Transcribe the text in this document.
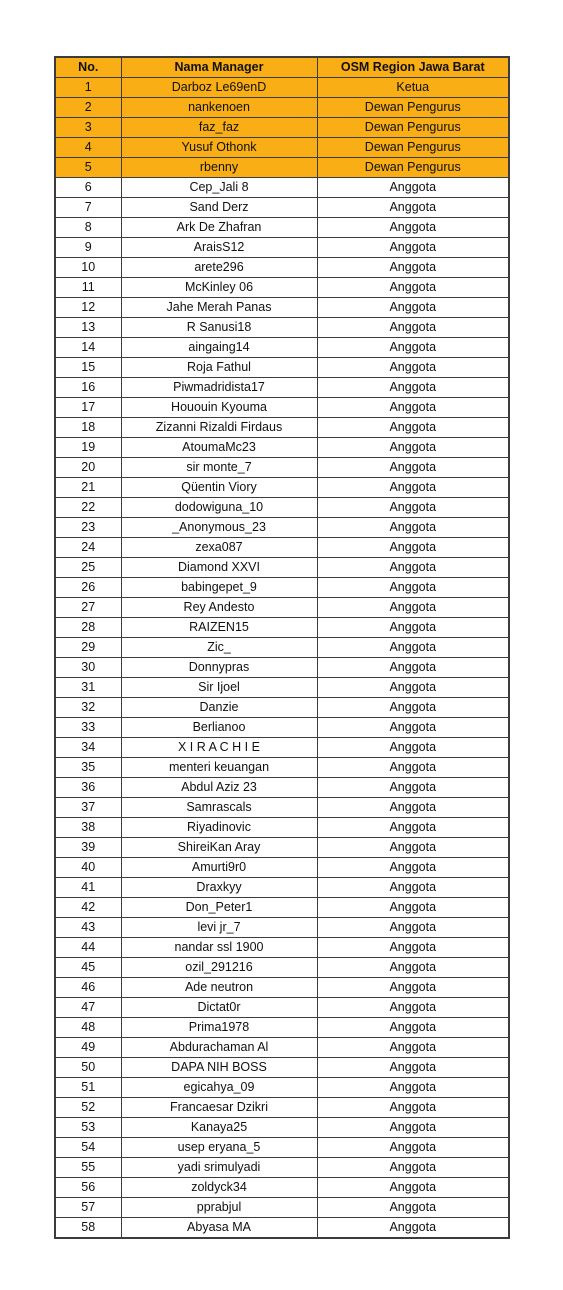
No.	Nama Manager	OSM Region Jawa Barat
1	Darboz Le69enD	Ketua
2	nankenoen	Dewan Pengurus
3	faz_faz	Dewan Pengurus
4	Yusuf Othonk	Dewan Pengurus
5	rbenny	Dewan Pengurus
6	Cep_Jali 8	Anggota
7	Sand Derz	Anggota
8	Ark De Zhafran	Anggota
9	AraisS12	Anggota
10	arete296	Anggota
11	McKinley 06	Anggota
12	Jahe Merah Panas	Anggota
13	R Sanusi18	Anggota
14	aingaing14	Anggota
15	Roja Fathul	Anggota
16	Piwmadridista17	Anggota
17	Hououin Kyouma	Anggota
18	Zizanni Rizaldi Firdaus	Anggota
19	AtoumaMc23	Anggota
20	sir monte_7	Anggota
21	Qüentin Viory	Anggota
22	dodowiguna_10	Anggota
23	_Anonymous_23	Anggota
24	zexa087	Anggota
25	Diamond XXVI	Anggota
26	babingepet_9	Anggota
27	Rey Andesto	Anggota
28	RAIZEN15	Anggota
29	Zic_	Anggota
30	Donnypras	Anggota
31	Sir Ijoel	Anggota
32	Danzie	Anggota
33	Berlianoo	Anggota
34	X I R A C H I E	Anggota
35	menteri keuangan	Anggota
36	Abdul Aziz 23	Anggota
37	Samrascals	Anggota
38	Riyadinovic	Anggota
39	ShireiKan Aray	Anggota
40	Amurti9r0	Anggota
41	Draxkyy	Anggota
42	Don_Peter1	Anggota
43	levi jr_7	Anggota
44	nandar ssl 1900	Anggota
45	ozil_291216	Anggota
46	Ade neutron	Anggota
47	Dictat0r	Anggota
48	Prima1978	Anggota
49	Abdurachaman Al	Anggota
50	DAPA NIH BOSS	Anggota
51	egicahya_09	Anggota
52	Francaesar Dzikri	Anggota
53	Kanaya25	Anggota
54	usep eryana_5	Anggota
55	yadi srimulyadi	Anggota
56	zoldyck34	Anggota
57	pprabjul	Anggota
58	Abyasa MA	Anggota
